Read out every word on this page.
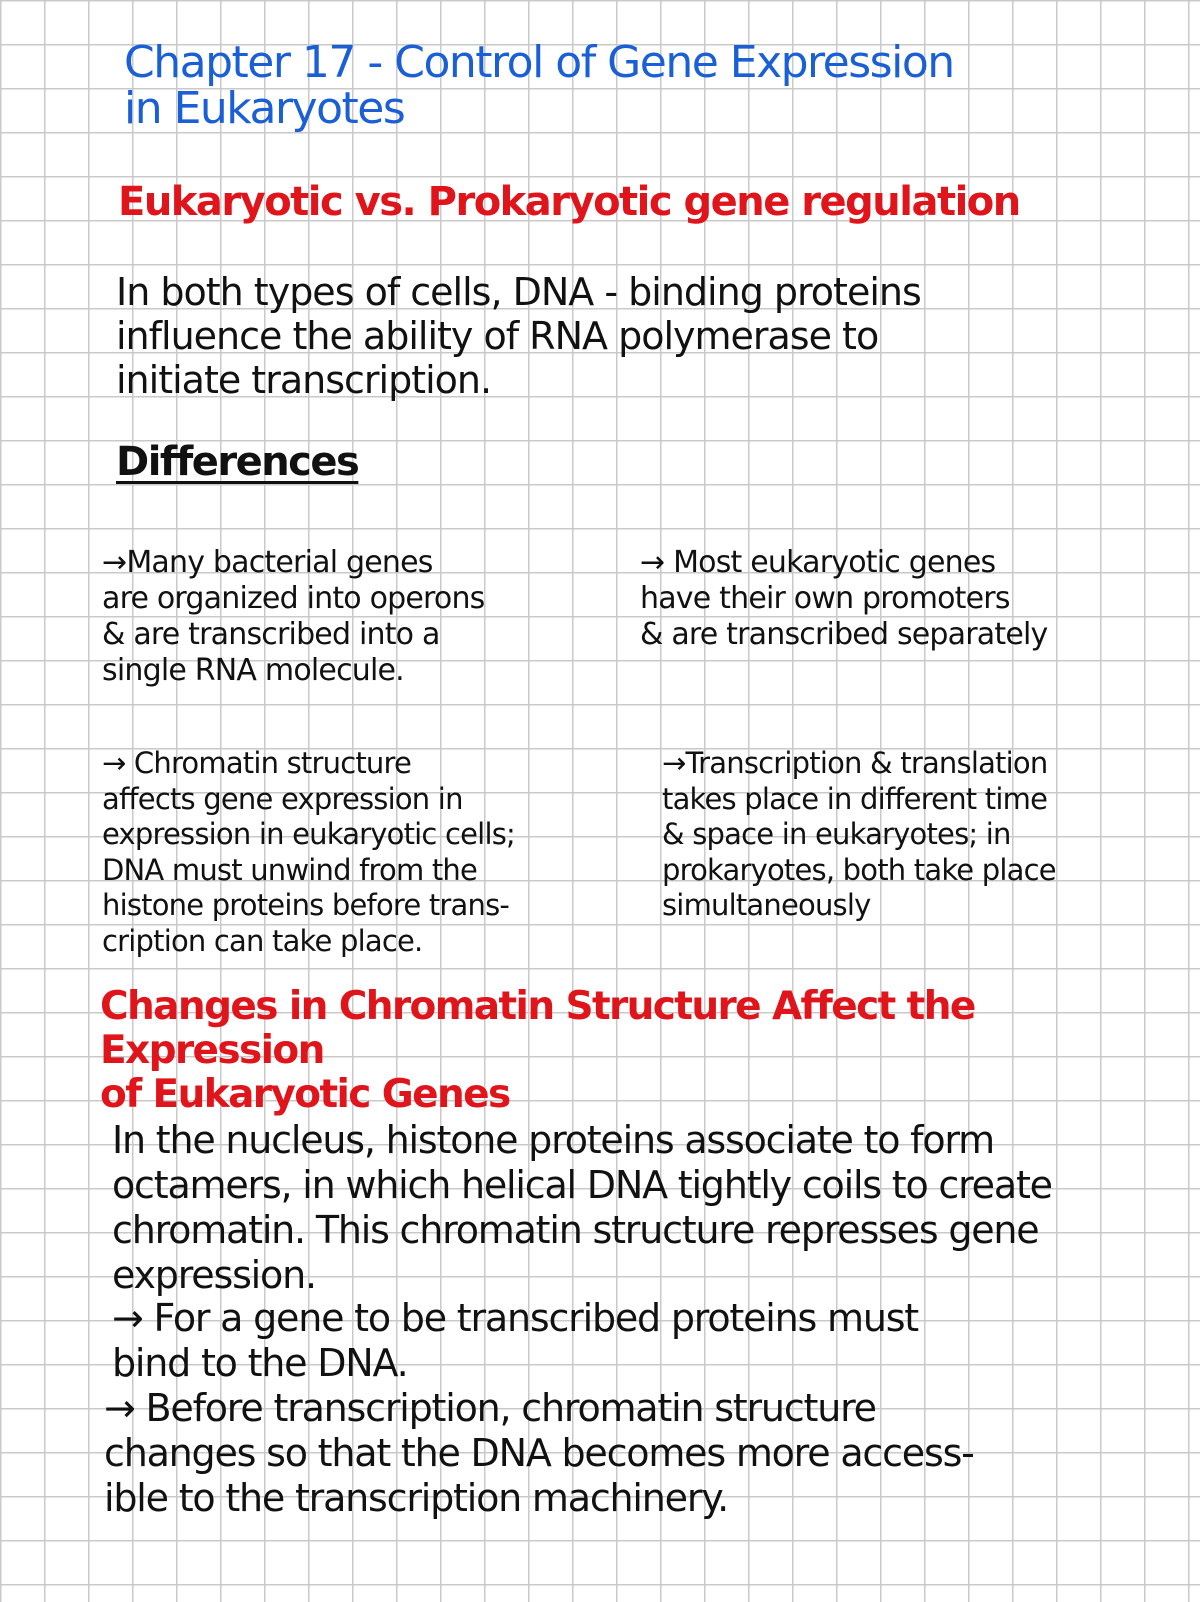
Chapter 17 - Control of Gene Expression
in Eukaryotes
Eukaryotic vs. Prokaryotic gene regulation

In both types of cells, DNA - binding proteins
influence the ability of RNA polymerase to
initiate transcription.

Differences

→Many bacterial genes
are organized into operons
& are transcribed into a
single RNA molecule.

→ Most eukaryotic genes
have their own promoters
& are transcribed separately

→ Chromatin structure
affects gene expression in
expression in eukaryotic cells;
DNA must unwind from the
histone proteins before trans-
cription can take place.

→Transcription & translation
takes place in different time
& space in eukaryotes; in
prokaryotes, both take place
simultaneously

Changes in Chromatin Structure Affect the Expression
of Eukaryotic Genes

In the nucleus, histone proteins associate to form
octamers, in which helical DNA tightly coils to create
chromatin. This chromatin structure represses gene
expression.

→ For a gene to be transcribed proteins must
bind to the DNA.

→ Before transcription, chromatin structure
changes so that the DNA becomes more access-
ible to the transcription machinery.
